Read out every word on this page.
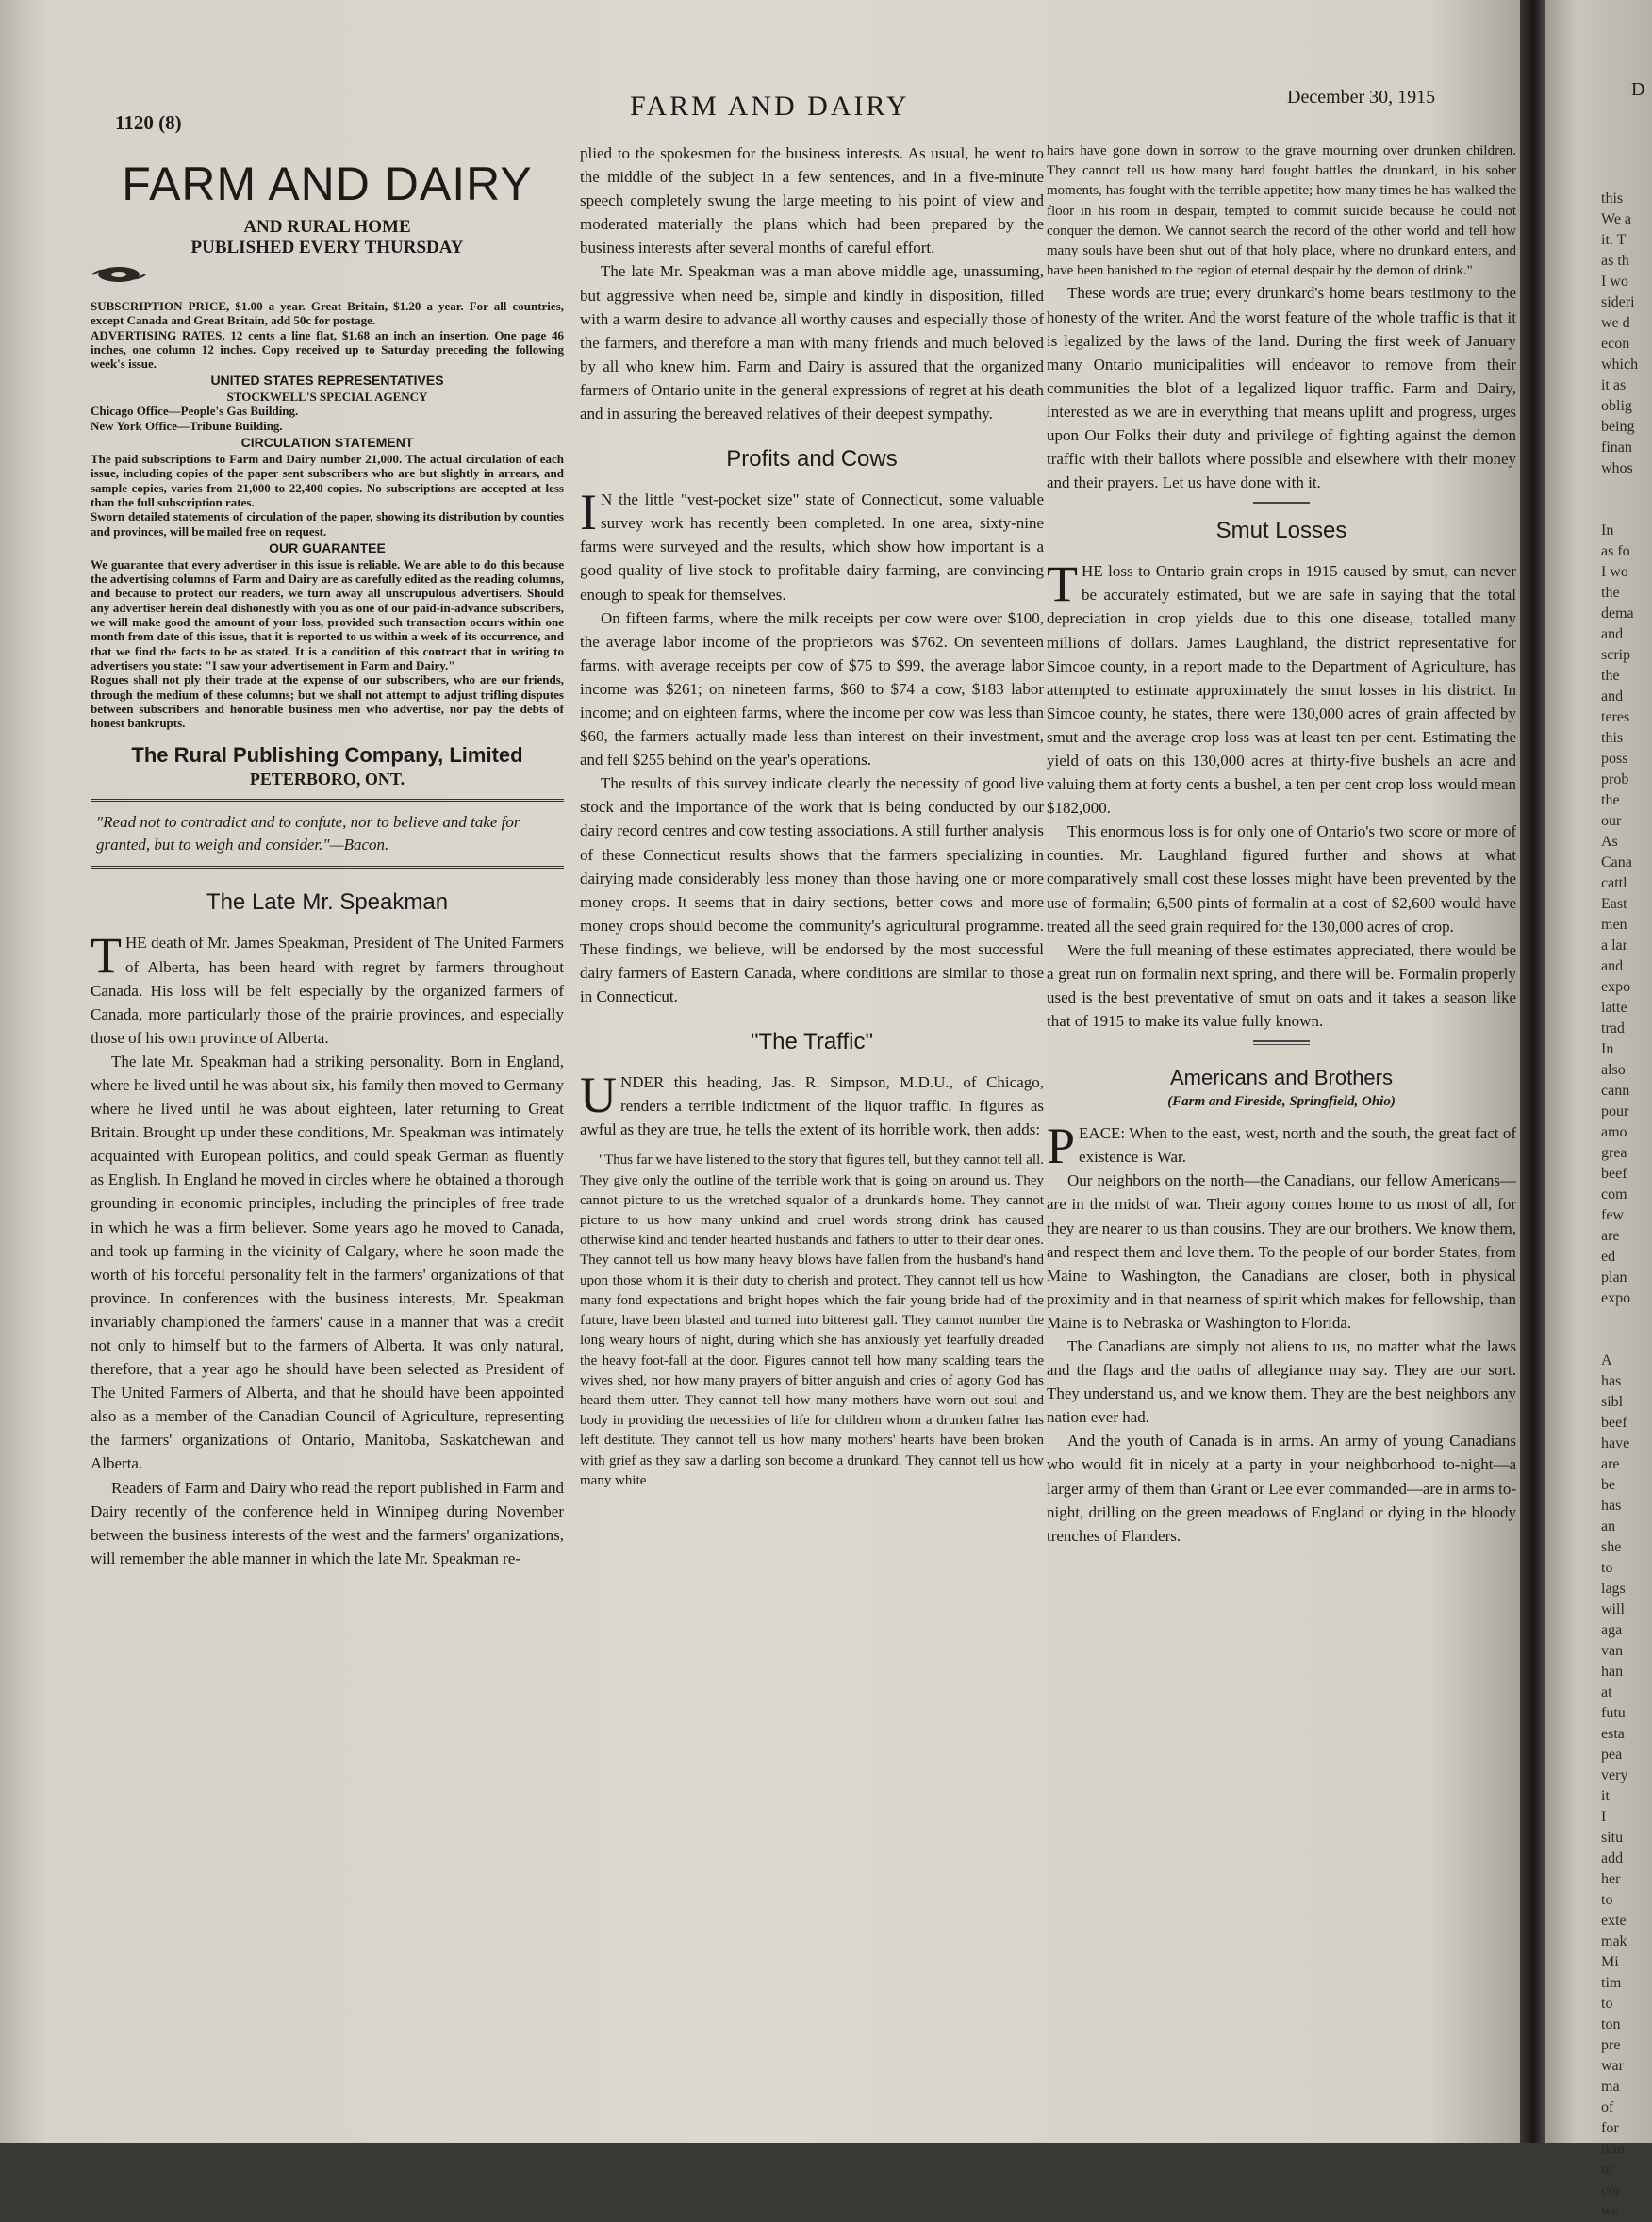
1120 (8)
FARM AND DAIRY	December 30, 1915
FARM AND DAIRY
AND RURAL HOME
PUBLISHED EVERY THURSDAY

SUBSCRIPTION PRICE, $1.00 a year. Great Britain, $1.20 a year. For all countries, except Canada and Great Britain, add 50c for postage.

ADVERTISING RATES, 12 cents a line flat, $1.68 an inch an insertion. One page 46 inches, one column 12 inches. Copy received up to Saturday preceding the following week's issue.

UNITED STATES REPRESENTATIVES

STOCKWELL'S SPECIAL AGENCY

Chicago Office—People's Gas Building.

New York Office—Tribune Building.

CIRCULATION STATEMENT

The paid subscriptions to Farm and Dairy number 21,000. The actual circulation of each issue, including copies of the paper sent subscribers who are but slightly in arrears, and sample copies, varies from 21,000 to 22,400 copies. No subscriptions are accepted at less than the full subscription rates.

Sworn detailed statements of circulation of the paper, showing its distribution by counties and provinces, will be mailed free on request.

OUR GUARANTEE

We guarantee that every advertiser in this issue is reliable. We are able to do this because the advertising columns of Farm and Dairy are as carefully edited as the reading columns, and because to protect our readers, we turn away all unscrupulous advertisers. Should any advertiser herein deal dishonestly with you as one of our paid-in-advance subscribers, we will make good the amount of your loss, provided such transaction occurs within one month from date of this issue, that it is reported to us within a week of its occurrence, and that we find the facts to be as stated. It is a condition of this contract that in writing to advertisers you state: "I saw your advertisement in Farm and Dairy."

Rogues shall not ply their trade at the expense of our subscribers, who are our friends, through the medium of these columns; but we shall not attempt to adjust trifling disputes between subscribers and honorable business men who advertise, nor pay the debts of honest bankrupts.

The Rural Publishing Company, Limited
PETERBORO, ONT.
"Read not to contradict and to confute, nor to believe and take for granted, but to weigh and consider."—Bacon.
The Late Mr. Speakman

THE death of Mr. James Speakman, President of The United Farmers of Alberta, has been heard with regret by farmers throughout Canada. His loss will be felt especially by the organized farmers of Canada, more particularly those of the prairie provinces, and especially those of his own province of Alberta.

The late Mr. Speakman had a striking personality. Born in England, where he lived until he was about six, his family then moved to Germany where he lived until he was about eighteen, later returning to Great Britain. Brought up under these conditions, Mr. Speakman was intimately acquainted with European politics, and could speak German as fluently as English. In England he moved in circles where he obtained a thorough grounding in economic principles, including the principles of free trade in which he was a firm believer. Some years ago he moved to Canada, and took up farming in the vicinity of Calgary, where he soon made the worth of his forceful personality felt in the farmers' organizations of that province. In conferences with the business interests, Mr. Speakman invariably championed the farmers' cause in a manner that was a credit not only to himself but to the farmers of Alberta. It was only natural, therefore, that a year ago he should have been selected as President of The United Farmers of Alberta, and that he should have been appointed also as a member of the Canadian Council of Agriculture, representing the farmers' organizations of Ontario, Manitoba, Saskatchewan and Alberta.

Readers of Farm and Dairy who read the report published in Farm and Dairy recently of the conference held in Winnipeg during November between the business interests of the west and the farmers' organizations, will remember the able manner in which the late Mr. Speakman re-

plied to the spokesmen for the business interests. As usual, he went to the middle of the subject in a few sentences, and in a five-minute speech completely swung the large meeting to his point of view and moderated materially the plans which had been prepared by the business interests after several months of careful effort.

The late Mr. Speakman was a man above middle age, unassuming, but aggressive when need be, simple and kindly in disposition, filled with a warm desire to advance all worthy causes and especially those of the farmers, and therefore a man with many friends and much beloved by all who knew him. Farm and Dairy is assured that the organized farmers of Ontario unite in the general expressions of regret at his death and in assuring the bereaved relatives of their deepest sympathy.

Profits and Cows

I N the little "vest-pocket size" state of Connecticut, some valuable survey work has recently been completed. In one area, sixty-nine farms were surveyed and the results, which show how important is a good quality of live stock to profitable dairy farming, are convincing enough to speak for themselves.

On fifteen farms, where the milk receipts per cow were over $100, the average labor income of the proprietors was $762. On seventeen farms, with average receipts per cow of $75 to $99, the average labor income was $261; on nineteen farms, $60 to $74 a cow, $183 labor income; and on eighteen farms, where the income per cow was less than $60, the farmers actually made less than interest on their investment, and fell $255 behind on the year's operations.

The results of this survey indicate clearly the necessity of good live stock and the importance of the work that is being conducted by our dairy record centres and cow testing associations. A still further analysis of these Connecticut results shows that the farmers specializing in dairying made considerably less money than those having one or more money crops. It seems that in dairy sections, better cows and more money crops should become the community's agricultural programme. These findings, we believe, will be endorsed by the most successful dairy farmers of Eastern Canada, where conditions are similar to those in Connecticut.

"The Traffic"

UNDER this heading, Jas. R. Simpson, M.D.U., of Chicago, renders a terrible indictment of the liquor traffic. In figures as awful as they are true, he tells the extent of its horrible work, then adds:

"Thus far we have listened to the story that figures tell, but they cannot tell all. They give only the outline of the terrible work that is going on around us. They cannot picture to us the wretched squalor of a drunkard's home. They cannot picture to us how many unkind and cruel words strong drink has caused otherwise kind and tender hearted husbands and fathers to utter to their dear ones. They cannot tell us how many heavy blows have fallen from the husband's hand upon those whom it is their duty to cherish and protect. They cannot tell us how many fond expectations and bright hopes which the fair young bride had of the future, have been blasted and turned into bitterest gall. They cannot number the long weary hours of night, during which she has anxiously yet fearfully dreaded the heavy foot-fall at the door. Figures cannot tell how many scalding tears the wives shed, nor how many prayers of bitter anguish and cries of agony God has heard them utter. They cannot tell how many mothers have worn out soul and body in providing the necessities of life for children whom a drunken father has left destitute. They cannot tell us how many mothers' hearts have been broken with grief as they saw a darling son become a drunkard. They cannot tell us how many white

hairs have gone down in sorrow to the grave mourning over drunken children. They cannot tell us how many hard fought battles the drunkard, in his sober moments, has fought with the terrible appetite; how many times he has walked the floor in his room in despair, tempted to commit suicide because he could not conquer the demon. We cannot search the record of the other world and tell how many souls have been shut out of that holy place, where no drunkard enters, and have been banished to the region of eternal despair by the demon of drink."

These words are true; every drunkard's home bears testimony to the honesty of the writer. And the worst feature of the whole traffic is that it is legalized by the laws of the land. During the first week of January many Ontario municipalities will endeavor to remove from their communities the blot of a legalized liquor traffic. Farm and Dairy, interested as we are in everything that means uplift and progress, urges upon Our Folks their duty and privilege of fighting against the demon traffic with their ballots where possible and elsewhere with their money and their prayers. Let us have done with it.

Smut Losses

THE loss to Ontario grain crops in 1915 caused by smut, can never be accurately estimated, but we are safe in saying that the total depreciation in crop yields due to this one disease, totalled many millions of dollars. James Laughland, the district representative for Simcoe county, in a report made to the Department of Agriculture, has attempted to estimate approximately the smut losses in his district. In Simcoe county, he states, there were 130,000 acres of grain affected by smut and the average crop loss was at least ten per cent. Estimating the yield of oats on this 130,000 acres at thirty-five bushels an acre and valuing them at forty cents a bushel, a ten per cent crop loss would mean $182,000.

This enormous loss is for only one of Ontario's two score or more of counties. Mr. Laughland figured further and shows at what comparatively small cost these losses might have been prevented by the use of formalin; 6,500 pints of formalin at a cost of $2,600 would have treated all the seed grain required for the 130,000 acres of crop.

Were the full meaning of these estimates appreciated, there would be a great run on formalin next spring, and there will be. Formalin properly used is the best preventative of smut on oats and it takes a season like that of 1915 to make its value fully known.

Americans and Brothers
(Farm and Fireside, Springfield, Ohio)

PEACE: When to the east, west, north and the south, the great fact of existence is War.

Our neighbors on the north—the Canadians, our fellow Americans—are in the midst of war. Their agony comes home to us most of all, for they are nearer to us than cousins. They are our brothers. We know them, and respect them and love them. To the people of our border States, from Maine to Washington, the Canadians are closer, both in physical proximity and in that nearness of spirit which makes for fellowship, than Maine is to Nebraska or Washington to Florida.

The Canadians are simply not aliens to us, no matter what the laws and the flags and the oaths of allegiance may say. They are our sort. They understand us, and we know them. They are the best neighbors any nation ever had.

And the youth of Canada is in arms. An army of young Canadians who would fit in nicely at a party in your neighborhood to-night—a larger army of them than Grant or Lee ever commanded—are in arms to-night, drilling on the green meadows of England or dying in the bloody trenches of Flanders.

D
this
We a
it. T
as th
I wo
sideri
we d
econ
which
it as
oblig
being
finan
whos

In
as fo
I wo
the
dema
and
scrip
the
and
teres
this
poss
prob
the
our
As
Cana
cattl
East
men
a lar
and
expo
latte
trad
In
also
cann
pour
amo
grea
beef
com
few
are
ed
plan
expo

A
has
sibl
beef
have
are
be
has
an
she
to
lags
will
aga
van
han
at
futu
esta
pea
very
it
I
situ
add
her
to
exte
mak
Mi
tim
to
ton
pre
war
ma
of
for
tion
of
cor
we
